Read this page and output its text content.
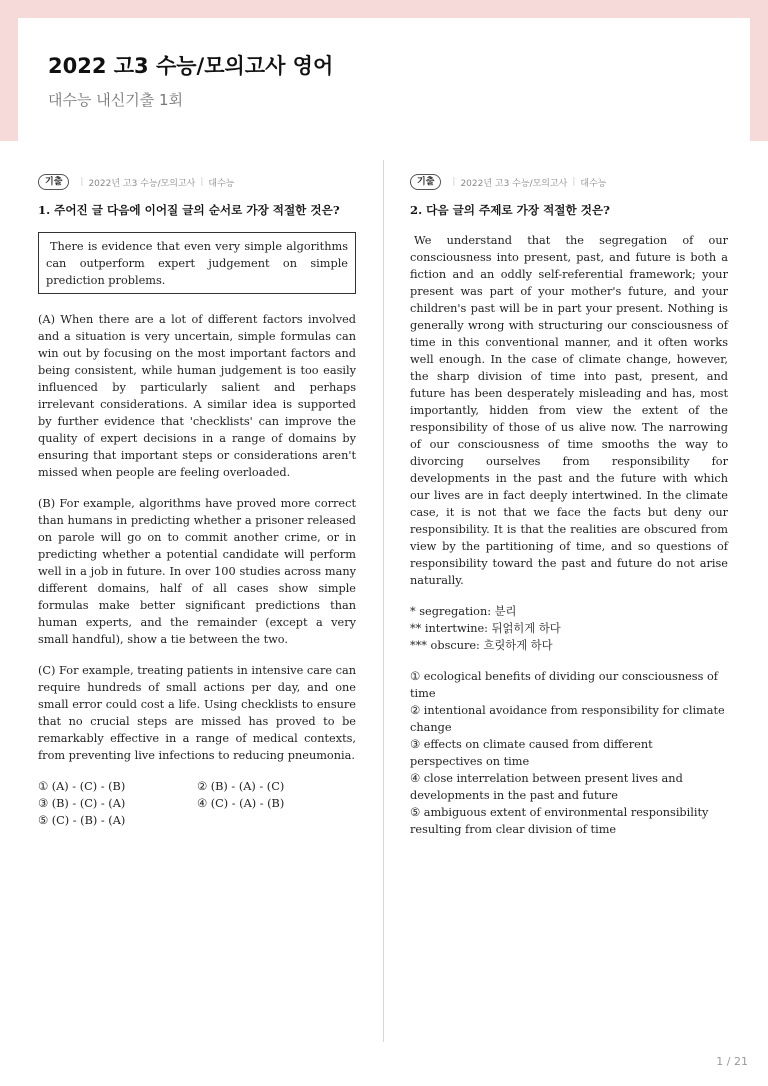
2022 고3 수능/모의고사 영어

대수능 내신기출 1회

기출	| 2022년 고3 수능/모의고사 | 대수능
1. 주어진 글 다음에 이어질 글의 순서로 가장 적절한 것은?
There is evidence that even very simple algorithms can outperform expert judgement on simple prediction problems.

(A) When there are a lot of different factors involved and a situation is very uncertain, simple formulas can win out by focusing on the most important factors and being consistent, while human judgement is too easily influenced by particularly salient and perhaps irrelevant considerations. A similar idea is supported by further evidence that 'checklists' can improve the quality of expert decisions in a range of domains by ensuring that important steps or considerations aren't missed when people are feeling overloaded.

(B) For example, algorithms have proved more correct than humans in predicting whether a prisoner released on parole will go on to commit another crime, or in predicting whether a potential candidate will perform well in a job in future. In over 100 studies across many different domains, half of all cases show simple formulas make better significant predictions than human experts, and the remainder (except a very small handful), show a tie between the two.

(C) For example, treating patients in intensive care can require hundreds of small actions per day, and one small error could cost a life. Using checklists to ensure that no crucial steps are missed has proved to be remarkably effective in a range of medical contexts, from preventing live infections to reducing pneumonia.

① (A) - (C) - (B)	② (B) - (A) - (C)
③ (B) - (C) - (A)	④ (C) - (A) - (B)
⑤ (C) - (B) - (A)
기출	| 2022년 고3 수능/모의고사 | 대수능
2. 다음 글의 주제로 가장 적절한 것은?

We understand that the segregation of our consciousness into present, past, and future is both a fiction and an oddly self-referential framework; your present was part of your mother's future, and your children's past will be in part your present. Nothing is generally wrong with structuring our consciousness of time in this conventional manner, and it often works well enough. In the case of climate change, however, the sharp division of time into past, present, and future has been desperately misleading and has, most importantly, hidden from view the extent of the responsibility of those of us alive now. The narrowing of our consciousness of time smooths the way to divorcing ourselves from responsibility for developments in the past and the future with which our lives are in fact deeply intertwined. In the climate case, it is not that we face the facts but deny our responsibility. It is that the realities are obscured from view by the partitioning of time, and so questions of responsibility toward the past and future do not arise naturally.

* segregation: 분리
** intertwine: 뒤얽히게 하다
*** obscure: 흐릿하게 하다
① ecological benefits of dividing our consciousness of time
② intentional avoidance from responsibility for climate change
③ effects on climate caused from different perspectives on time
④ close interrelation between present lives and developments in the past and future
⑤ ambiguous extent of environmental responsibility resulting from clear division of time
1 / 21
